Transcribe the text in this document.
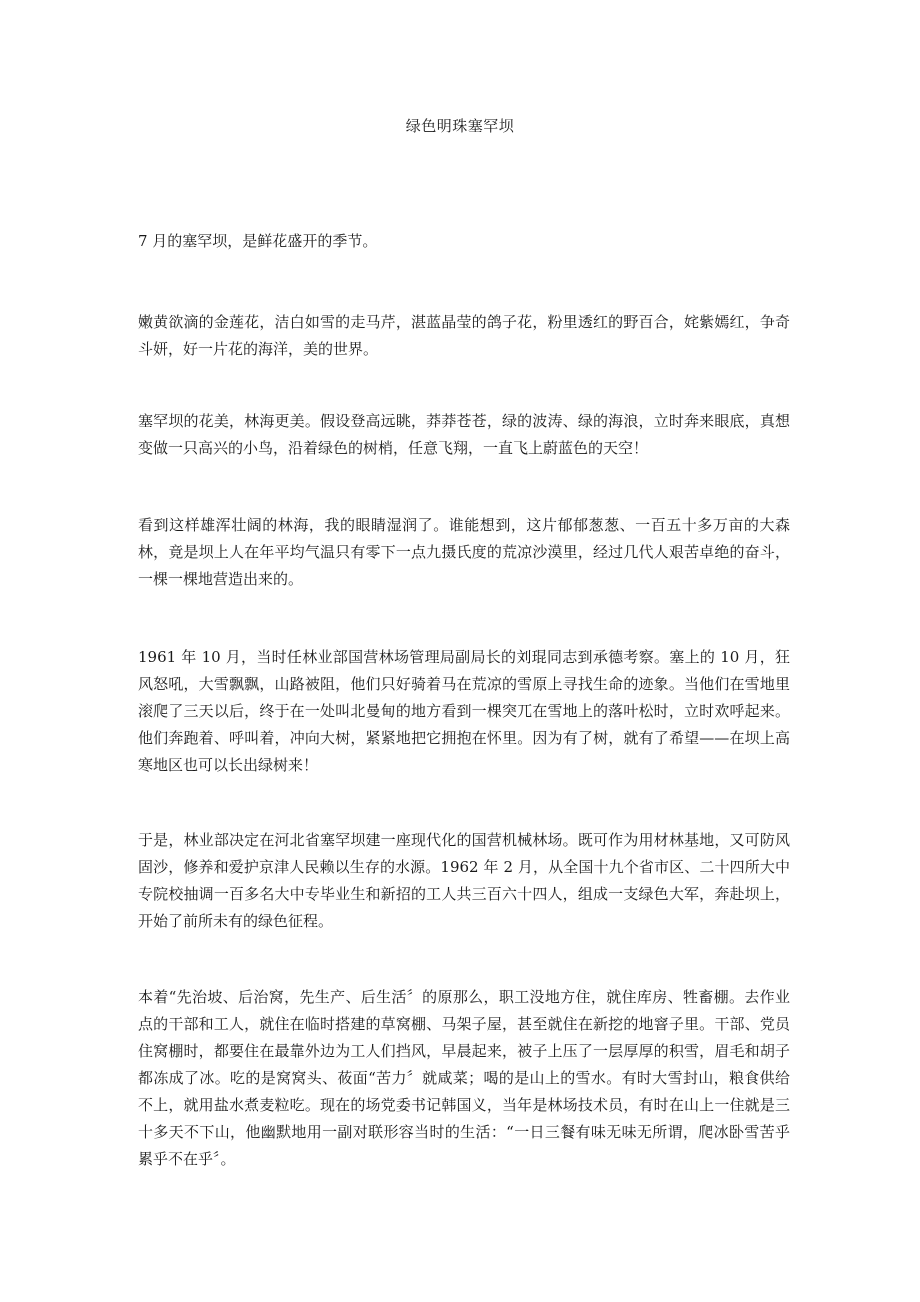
绿色明珠塞罕坝

7 月的塞罕坝，是鲜花盛开的季节。

嫩黄欲滴的金莲花，洁白如雪的走马芹，湛蓝晶莹的鸽子花，粉里透红的野百合，姹紫嫣红，争奇斗妍，好一片花的海洋，美的世界。

塞罕坝的花美，林海更美。假设登高远眺，莽莽苍苍，绿的波涛、绿的海浪，立时奔来眼底，真想变做一只高兴的小鸟，沿着绿色的树梢，任意飞翔，一直飞上蔚蓝色的天空！

看到这样雄浑壮阔的林海，我的眼睛湿润了。谁能想到，这片郁郁葱葱、一百五十多万亩的大森林，竟是坝上人在年平均气温只有零下一点九摄氏度的荒凉沙漠里，经过几代人艰苦卓绝的奋斗，一棵一棵地营造出来的。

1961 年 10 月，当时任林业部国营林场管理局副局长的刘琨同志到承德考察。塞上的 10 月，狂风怒吼，大雪飘飘，山路被阻，他们只好骑着马在荒凉的雪原上寻找生命的迹象。当他们在雪地里滚爬了三天以后，终于在一处叫北曼甸的地方看到一棵突兀在雪地上的落叶松时，立时欢呼起来。他们奔跑着、呼叫着，冲向大树，紧紧地把它拥抱在怀里。因为有了树，就有了希望——在坝上高寒地区也可以长出绿树来！

于是，林业部决定在河北省塞罕坝建一座现代化的国营机械林场。既可作为用材林基地，又可防风固沙，修养和爱护京津人民赖以生存的水源。1962 年 2 月，从全国十九个省市区、二十四所大中专院校抽调一百多名大中专毕业生和新招的工人共三百六十四人，组成一支绿色大军，奔赴坝上，开始了前所未有的绿色征程。

本着“先治坡、后治窝，先生产、后生活〞的原那么，职工没地方住，就住库房、牲畜棚。去作业点的干部和工人，就住在临时搭建的草窝棚、马架子屋，甚至就住在新挖的地窨子里。干部、党员住窝棚时，都要住在最靠外边为工人们挡风，早晨起来，被子上压了一层厚厚的积雪，眉毛和胡子都冻成了冰。吃的是窝窝头、莜面“苦力〞就咸菜；喝的是山上的雪水。有时大雪封山，粮食供给不上，就用盐水煮麦粒吃。现在的场党委书记韩国义，当年是林场技术员，有时在山上一住就是三十多天不下山，他幽默地用一副对联形容当时的生活：“一日三餐有味无味无所谓，爬冰卧雪苦乎累乎不在乎〞。
